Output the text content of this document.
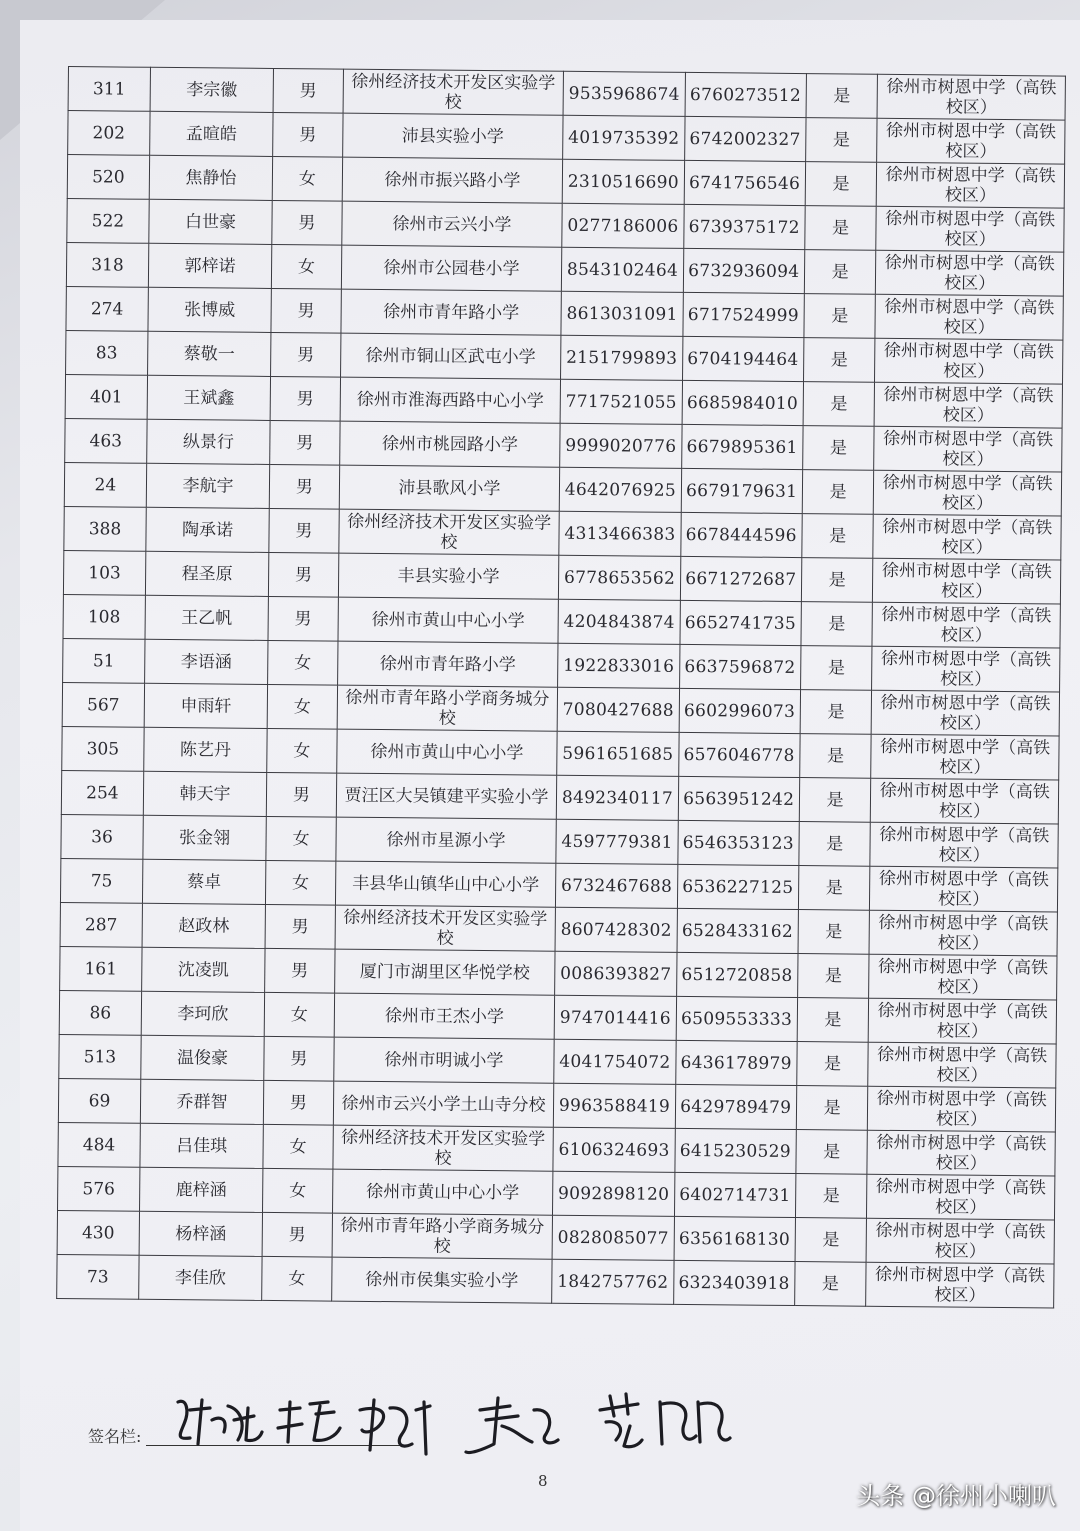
311	李宗徽	男	徐州经济技术开发区实验学校	9535968674	6760273512	是	徐州市树恩中学（高铁校区）
202	孟暄皓	男	沛县实验小学	4019735392	6742002327	是	徐州市树恩中学（高铁校区）
520	焦静怡	女	徐州市振兴路小学	2310516690	6741756546	是	徐州市树恩中学（高铁校区）
522	白世豪	男	徐州市云兴小学	0277186006	6739375172	是	徐州市树恩中学（高铁校区）
318	郭梓诺	女	徐州市公园巷小学	8543102464	6732936094	是	徐州市树恩中学（高铁校区）
274	张博威	男	徐州市青年路小学	8613031091	6717524999	是	徐州市树恩中学（高铁校区）
83	蔡敬一	男	徐州市铜山区武屯小学	2151799893	6704194464	是	徐州市树恩中学（高铁校区）
401	王斌鑫	男	徐州市淮海西路中心小学	7717521055	6685984010	是	徐州市树恩中学（高铁校区）
463	纵景行	男	徐州市桃园路小学	9999020776	6679895361	是	徐州市树恩中学（高铁校区）
24	李航宇	男	沛县歌风小学	4642076925	6679179631	是	徐州市树恩中学（高铁校区）
388	陶承诺	男	徐州经济技术开发区实验学校	4313466383	6678444596	是	徐州市树恩中学（高铁校区）
103	程圣原	男	丰县实验小学	6778653562	6671272687	是	徐州市树恩中学（高铁校区）
108	王乙帆	男	徐州市黄山中心小学	4204843874	6652741735	是	徐州市树恩中学（高铁校区）
51	李语涵	女	徐州市青年路小学	1922833016	6637596872	是	徐州市树恩中学（高铁校区）
567	申雨轩	女	徐州市青年路小学商务城分校	7080427688	6602996073	是	徐州市树恩中学（高铁校区）
305	陈艺丹	女	徐州市黄山中心小学	5961651685	6576046778	是	徐州市树恩中学（高铁校区）
254	韩天宇	男	贾汪区大吴镇建平实验小学	8492340117	6563951242	是	徐州市树恩中学（高铁校区）
36	张金翎	女	徐州市星源小学	4597779381	6546353123	是	徐州市树恩中学（高铁校区）
75	蔡卓	女	丰县华山镇华山中心小学	6732467688	6536227125	是	徐州市树恩中学（高铁校区）
287	赵政林	男	徐州经济技术开发区实验学校	8607428302	6528433162	是	徐州市树恩中学（高铁校区）
161	沈凌凯	男	厦门市湖里区华悦学校	0086393827	6512720858	是	徐州市树恩中学（高铁校区）
86	李珂欣	女	徐州市王杰小学	9747014416	6509553333	是	徐州市树恩中学（高铁校区）
513	温俊豪	男	徐州市明诚小学	4041754072	6436178979	是	徐州市树恩中学（高铁校区）
69	乔群智	男	徐州市云兴小学土山寺分校	9963588419	6429789479	是	徐州市树恩中学（高铁校区）
484	吕佳琪	女	徐州经济技术开发区实验学校	6106324693	6415230529	是	徐州市树恩中学（高铁校区）
576	鹿梓涵	女	徐州市黄山中心小学	9092898120	6402714731	是	徐州市树恩中学（高铁校区）
430	杨梓涵	男	徐州市青年路小学商务城分校	0828085077	6356168130	是	徐州市树恩中学（高铁校区）
73	李佳欣	女	徐州市侯集实验小学	1842757762	6323403918	是	徐州市树恩中学（高铁校区）
签名栏:
8
头条 @徐州小喇叭
